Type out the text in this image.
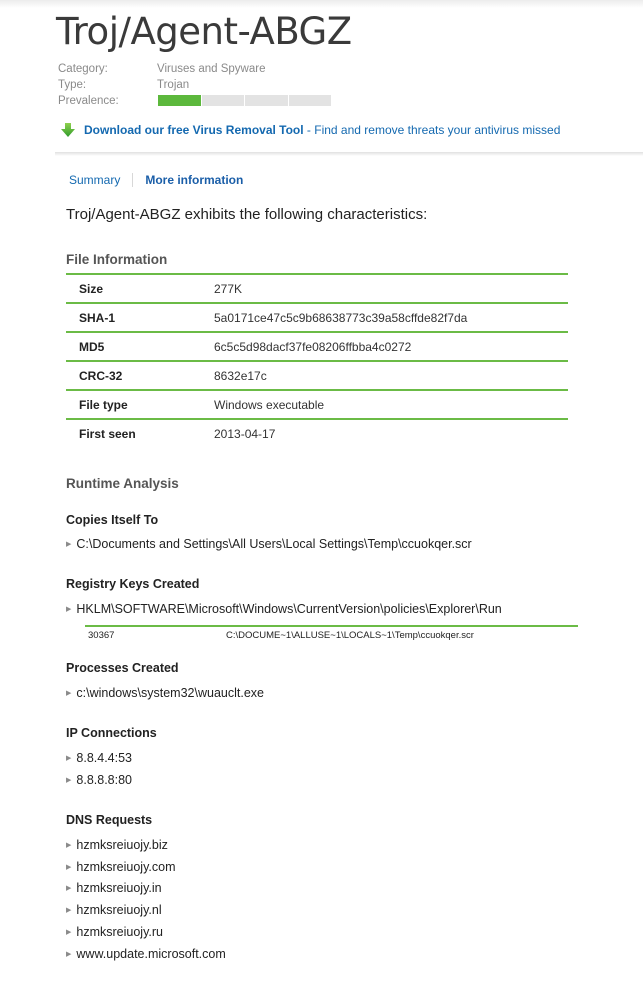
Troj/Agent-ABGZ
Category:	Viruses and Spyware
Type:	Trojan
Prevalence:
Download our free Virus Removal Tool - Find and remove threats your antivirus missed
Summary More information
Troj/Agent-ABGZ exhibits the following characteristics:
File Information
Size	277K
SHA-1	5a0171ce47c5c9b68638773c39a58cffde82f7da
MD5	6c5c5d98dacf37fe08206ffbba4c0272
CRC-32	8632e17c
File type	Windows executable
First seen	2013-04-17
Runtime Analysis
Copies Itself To
▶ C:\Documents and Settings\All Users\Local Settings\Temp\ccuokqer.scr
Registry Keys Created
▶ HKLM\SOFTWARE\Microsoft\Windows\CurrentVersion\policies\Explorer\Run
30367	C:\DOCUME~1\ALLUSE~1\LOCALS~1\Temp\ccuokqer.scr
Processes Created
▶ c:\windows\system32\wuauclt.exe
IP Connections
▶ 8.8.4.4:53
▶ 8.8.8.8:80
DNS Requests
▶ hzmksreiuojy.biz
▶ hzmksreiuojy.com
▶ hzmksreiuojy.in
▶ hzmksreiuojy.nl
▶ hzmksreiuojy.ru
▶ www.update.microsoft.com
